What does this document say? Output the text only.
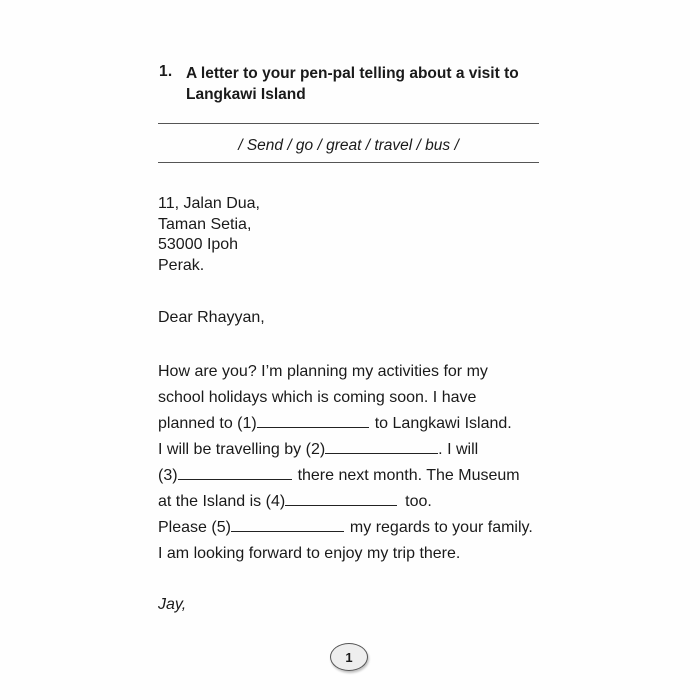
1. A letter to your pen-pal telling about a visit to Langkawi Island
/ Send / go / great / travel / bus /
11, Jalan Dua,
Taman Setia,
53000 Ipoh
Perak.
Dear Rhayyan,
How are you? I’m planning my activities for my
school holidays which is coming soon. I have
planned to (1)	to Langkawi Island.
I will be travelling by (2)	. I will
(3)	there next month. The Museum
at the Island is (4)	too.
Please (5)	my regards to your family.
I am looking forward to enjoy my trip there.
Jay,
1
